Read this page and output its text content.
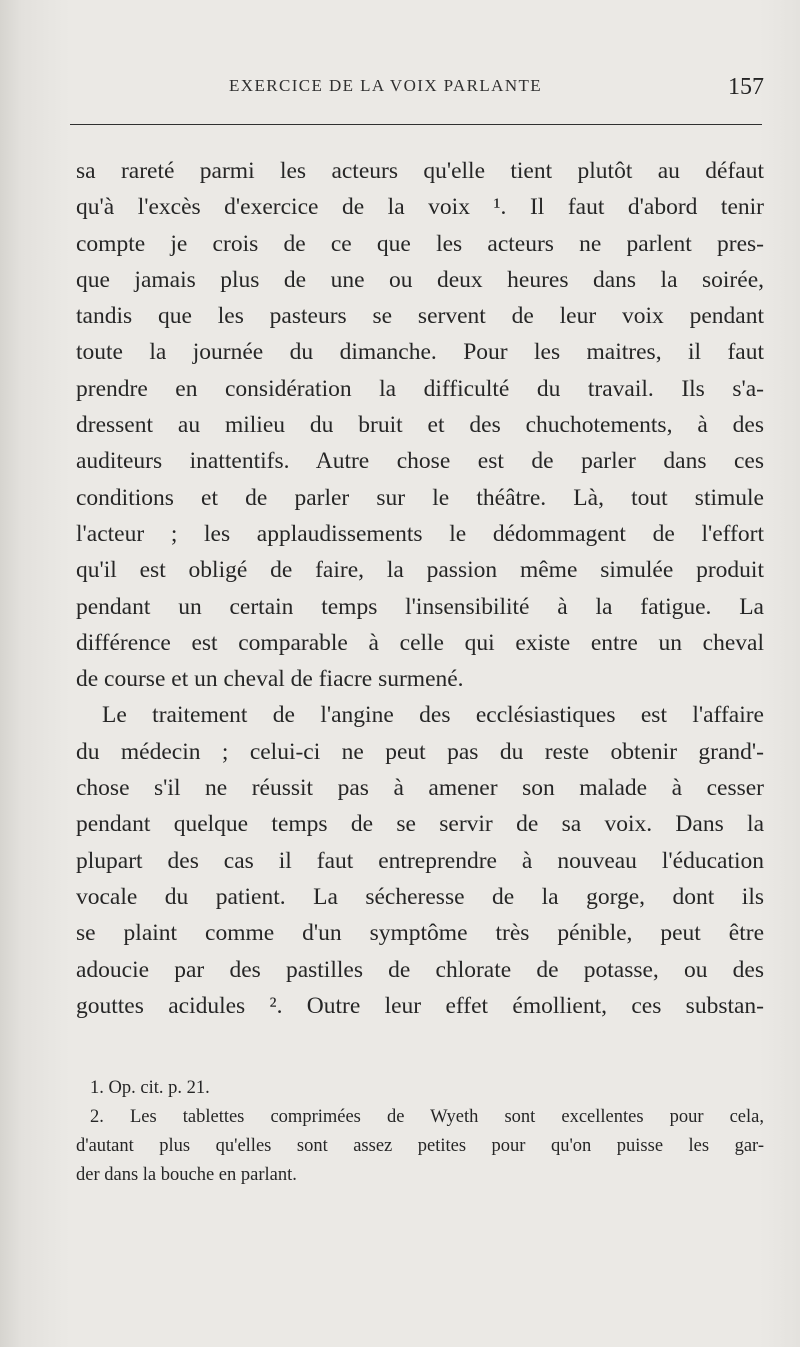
EXERCICE DE LA VOIX PARLANTE	157
sa rareté parmi les acteurs qu'elle tient plutôt au défaut
qu'à l'excès d'exercice de la voix ¹. Il faut d'abord tenir
compte je crois de ce que les acteurs ne parlent pres-
que jamais plus de une ou deux heures dans la soirée,
tandis que les pasteurs se servent de leur voix pendant
toute la journée du dimanche. Pour les maitres, il faut
prendre en considération la difficulté du travail. Ils s'a-
dressent au milieu du bruit et des chuchotements, à des
auditeurs inattentifs. Autre chose est de parler dans ces
conditions et de parler sur le théâtre. Là, tout stimule
l'acteur ; les applaudissements le dédommagent de l'effort
qu'il est obligé de faire, la passion même simulée produit
pendant un certain temps l'insensibilité à la fatigue. La
différence est comparable à celle qui existe entre un cheval
de course et un cheval de fiacre surmené.
Le traitement de l'angine des ecclésiastiques est l'affaire
du médecin ; celui-ci ne peut pas du reste obtenir grand'-
chose s'il ne réussit pas à amener son malade à cesser
pendant quelque temps de se servir de sa voix. Dans la
plupart des cas il faut entreprendre à nouveau l'éducation
vocale du patient. La sécheresse de la gorge, dont ils
se plaint comme d'un symptôme très pénible, peut être
adoucie par des pastilles de chlorate de potasse, ou des
gouttes acidules ². Outre leur effet émollient, ces substan-
1. Op. cit. p. 21.
2. Les tablettes comprimées de Wyeth sont excellentes pour cela,
d'autant plus qu'elles sont assez petites pour qu'on puisse les gar-
der dans la bouche en parlant.
